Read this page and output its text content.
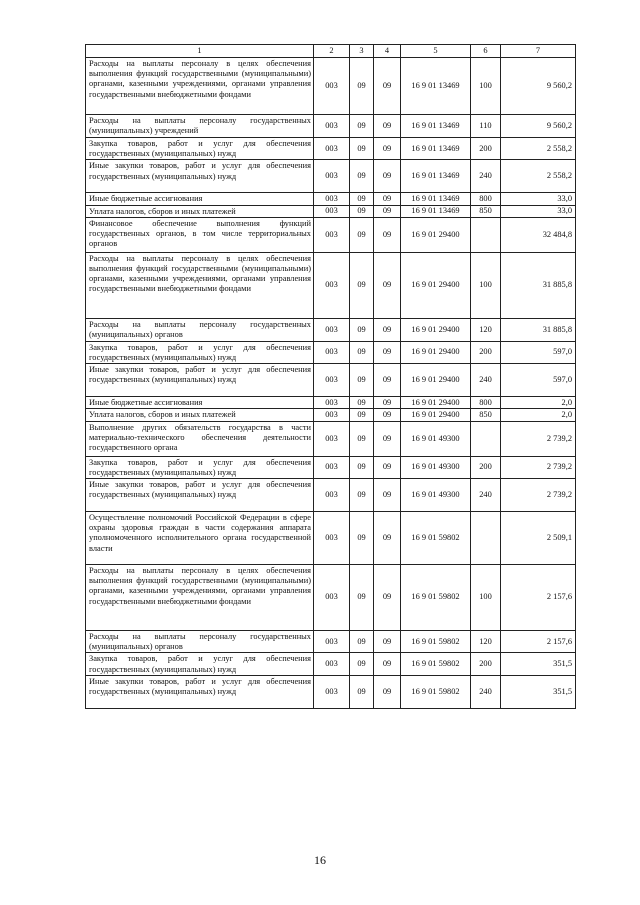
1	2	3	4	5	6	7
Расходы на выплаты персоналу в целях обеспечения выполнения функций государственными (муниципальными) органами, казенными учреждениями, органами управления государственными внебюджетными фондами	003	09	09	16 9 01 13469	100	9 560,2
Расходы на выплаты персоналу государственных (муниципальных) учреждений	003	09	09	16 9 01 13469	110	9 560,2
Закупка товаров, работ и услуг для обеспечения государственных (муниципальных) нужд	003	09	09	16 9 01 13469	200	2 558,2
Иные закупки товаров, работ и услуг для обеспечения государственных (муниципальных) нужд	003	09	09	16 9 01 13469	240	2 558,2
Иные бюджетные ассигнования	003	09	09	16 9 01 13469	800	33,0
Уплата налогов, сборов и иных платежей	003	09	09	16 9 01 13469	850	33,0
Финансовое обеспечение выполнения функций государственных органов, в том числе территориальных органов	003	09	09	16 9 01 29400		32 484,8
Расходы на выплаты персоналу в целях обеспечения выполнения функций государственными (муниципальными) органами, казенными учреждениями, органами управления государственными внебюджетными фондами	003	09	09	16 9 01 29400	100	31 885,8
Расходы на выплаты персоналу государственных (муниципальных) органов	003	09	09	16 9 01 29400	120	31 885,8
Закупка товаров, работ и услуг для обеспечения государственных (муниципальных) нужд	003	09	09	16 9 01 29400	200	597,0
Иные закупки товаров, работ и услуг для обеспечения государственных (муниципальных) нужд	003	09	09	16 9 01 29400	240	597,0
Иные бюджетные ассигнования	003	09	09	16 9 01 29400	800	2,0
Уплата налогов, сборов и иных платежей	003	09	09	16 9 01 29400	850	2,0
Выполнение других обязательств государства в части материально-технического обеспечения деятельности государственного органа	003	09	09	16 9 01 49300		2 739,2
Закупка товаров, работ и услуг для обеспечения государственных (муниципальных) нужд	003	09	09	16 9 01 49300	200	2 739,2
Иные закупки товаров, работ и услуг для обеспечения государственных (муниципальных) нужд	003	09	09	16 9 01 49300	240	2 739,2
Осуществление полномочий Российской Федерации в сфере охраны здоровья граждан в части содержания аппарата уполномоченного исполнительного органа государственной власти	003	09	09	16 9 01 59802		2 509,1
Расходы на выплаты персоналу в целях обеспечения выполнения функций государственными (муниципальными) органами, казенными учреждениями, органами управления государственными внебюджетными фондами	003	09	09	16 9 01 59802	100	2 157,6
Расходы на выплаты персоналу государственных (муниципальных) органов	003	09	09	16 9 01 59802	120	2 157,6
Закупка товаров, работ и услуг для обеспечения государственных (муниципальных) нужд	003	09	09	16 9 01 59802	200	351,5
Иные закупки товаров, работ и услуг для обеспечения государственных (муниципальных) нужд	003	09	09	16 9 01 59802	240	351,5
16
